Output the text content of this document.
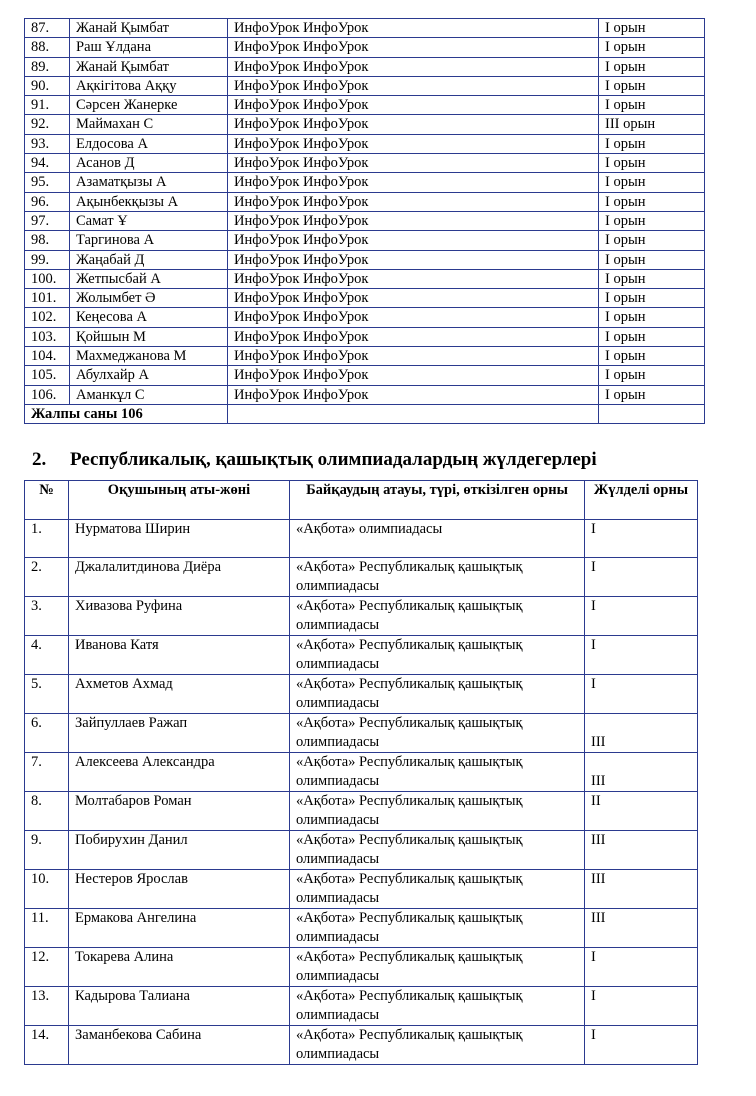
87.	Жанай Қымбат	ИнфоУрок ИнфоУрок	I орын
88.	Раш Ұлдана	ИнфоУрок ИнфоУрок	I орын
89.	Жанай Қымбат	ИнфоУрок ИнфоУрок	I орын
90.	Ақкігітова Аққу	ИнфоУрок ИнфоУрок	I орын
91.	Сәрсен Жанерке	ИнфоУрок ИнфоУрок	I орын
92.	Маймахан С	ИнфоУрок ИнфоУрок	III орын
93.	Елдосова А	ИнфоУрок ИнфоУрок	I орын
94.	Асанов Д	ИнфоУрок ИнфоУрок	I орын
95.	Азаматқызы А	ИнфоУрок ИнфоУрок	I орын
96.	Ақынбекқызы А	ИнфоУрок ИнфоУрок	I орын
97.	Самат Ұ	ИнфоУрок ИнфоУрок	I орын
98.	Таргинова А	ИнфоУрок ИнфоУрок	I орын
99.	Жаңабай Д	ИнфоУрок ИнфоУрок	I орын
100.	Жетпысбай А	ИнфоУрок ИнфоУрок	I орын
101.	Жолымбет Ә	ИнфоУрок ИнфоУрок	I орын
102.	Кеңесова А	ИнфоУрок ИнфоУрок	I орын
103.	Қойшын М	ИнфоУрок ИнфоУрок	I орын
104.	Махмеджанова М	ИнфоУрок ИнфоУрок	I орын
105.	Абулхайр А	ИнфоУрок ИнфоУрок	I орын
106.	Аманкұл С	ИнфоУрок ИнфоУрок	I орын
Жалпы саны 106			
2. Республикалық, қашықтық олимпиадалардың жүлдегерлері
№	Оқушының аты-жөні	Байқаудың атауы, түрі, өткізілген орны	Жүлделі орны
1.	Нурматова Ширин	«Ақбота» олимпиадасы	I
2.	Джалалитдинова Диёра	«Ақбота» Республикалық қашықтық олимпиадасы	I
3.	Хивазова Руфина	«Ақбота» Республикалық қашықтық олимпиадасы	I
4.	Иванова Катя	«Ақбота» Республикалық қашықтық олимпиадасы	I
5.	Ахметов Ахмад	«Ақбота» Республикалық қашықтық олимпиадасы	I
6.	Зайпуллаев Ражап	«Ақбота» Республикалық қашықтық олимпиадасы	III
7.	Алексеева Александра	«Ақбота» Республикалық қашықтық олимпиадасы	III
8.	Молтабаров Роман	«Ақбота» Республикалық қашықтық олимпиадасы	II
9.	Побирухин Данил	«Ақбота» Республикалық қашықтық олимпиадасы	III
10.	Нестеров Ярослав	«Ақбота» Республикалық қашықтық олимпиадасы	III
11.	Ермакова Ангелина	«Ақбота» Республикалық қашықтық олимпиадасы	III
12.	Токарева Алина	«Ақбота» Республикалық қашықтық олимпиадасы	I
13.	Кадырова Талиана	«Ақбота» Республикалық қашықтық олимпиадасы	I
14.	Заманбекова Сабина	«Ақбота» Республикалық қашықтық олимпиадасы	I
